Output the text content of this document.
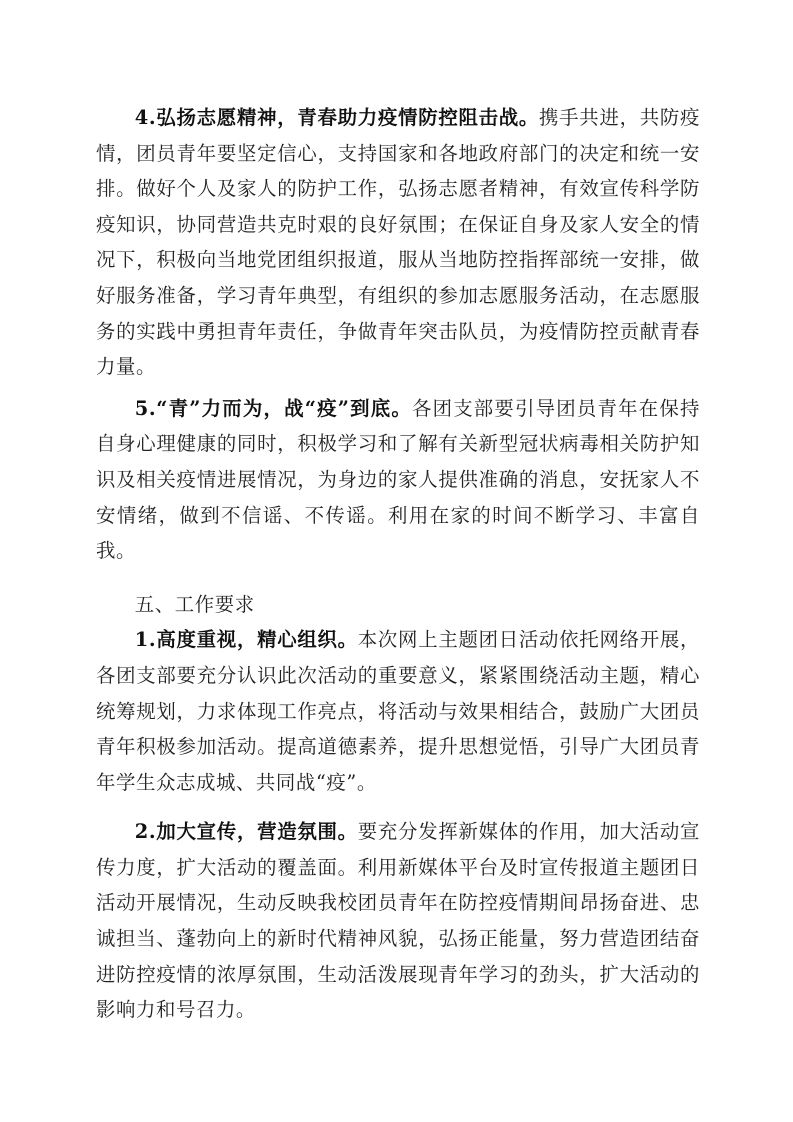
4.弘扬志愿精神，青春助力疫情防控阻击战。携手共进，共防疫情，团员青年要坚定信心，支持国家和各地政府部门的决定和统一安排。做好个人及家人的防护工作，弘扬志愿者精神，有效宣传科学防疫知识，协同营造共克时艰的良好氛围；在保证自身及家人安全的情况下，积极向当地党团组织报道，服从当地防控指挥部统一安排，做好服务准备，学习青年典型，有组织的参加志愿服务活动，在志愿服务的实践中勇担青年责任，争做青年突击队员，为疫情防控贡献青春力量。

5.“青”力而为，战“疫”到底。各团支部要引导团员青年在保持自身心理健康的同时，积极学习和了解有关新型冠状病毒相关防护知识及相关疫情进展情况，为身边的家人提供准确的消息，安抚家人不安情绪，做到不信谣、不传谣。利用在家的时间不断学习、丰富自我。

五、工作要求

1.高度重视，精心组织。本次网上主题团日活动依托网络开展，各团支部要充分认识此次活动的重要意义，紧紧围绕活动主题，精心统筹规划，力求体现工作亮点，将活动与效果相结合，鼓励广大团员青年积极参加活动。提高道德素养，提升思想觉悟，引导广大团员青年学生众志成城、共同战“疫”。

2.加大宣传，营造氛围。要充分发挥新媒体的作用，加大活动宣传力度，扩大活动的覆盖面。利用新媒体平台及时宣传报道主题团日活动开展情况，生动反映我校团员青年在防控疫情期间昂扬奋进、忠诚担当、蓬勃向上的新时代精神风貌，弘扬正能量，努力营造团结奋进防控疫情的浓厚氛围，生动活泼展现青年学习的劲头，扩大活动的影响力和号召力。
